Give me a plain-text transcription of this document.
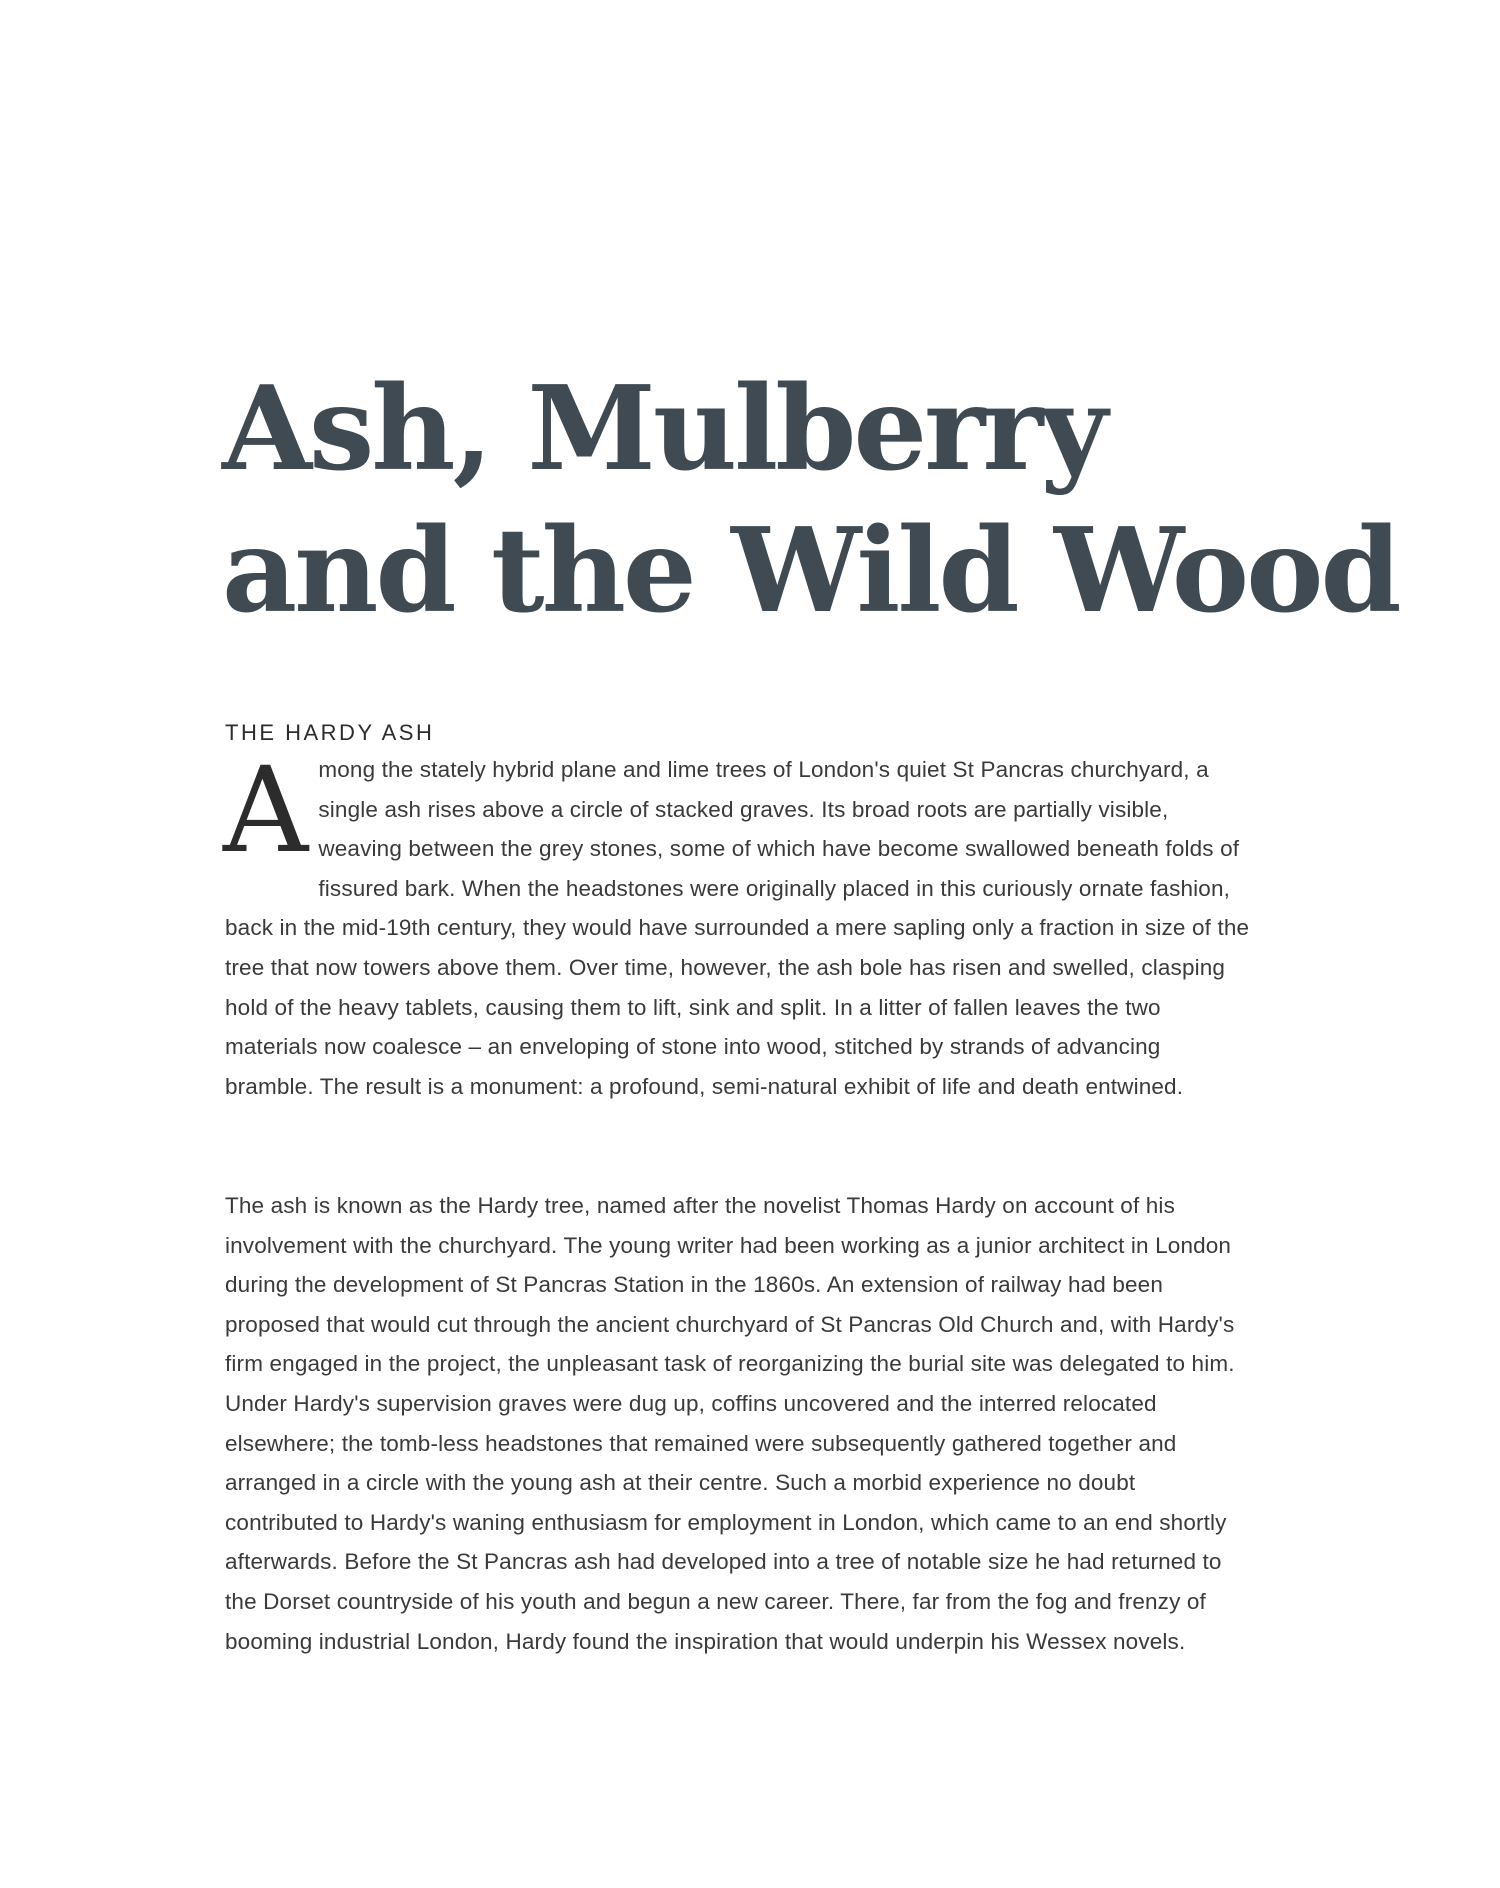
Ash, Mulberry
and the Wild Wood
THE HARDY ASH

A mong the stately hybrid plane and lime trees of London's quiet St Pancras churchyard, a single ash rises above a circle of stacked graves. Its broad roots are partially visible, weaving between the grey stones, some of which have become swallowed beneath folds of fissured bark. When the headstones were originally placed in this curiously ornate fashion, back in the mid-19th century, they would have surrounded a mere sapling only a fraction in size of the tree that now towers above them. Over time, however, the ash bole has risen and swelled, clasping hold of the heavy tablets, causing them to lift, sink and split. In a litter of fallen leaves the two materials now coalesce – an enveloping of stone into wood, stitched by strands of advancing bramble. The result is a monument: a profound, semi-natural exhibit of life and death entwined.

The ash is known as the Hardy tree, named after the novelist Thomas Hardy on account of his involvement with the churchyard. The young writer had been working as a junior architect in London during the development of St Pancras Station in the 1860s. An extension of railway had been proposed that would cut through the ancient churchyard of St Pancras Old Church and, with Hardy's firm engaged in the project, the unpleasant task of reorganizing the burial site was delegated to him. Under Hardy's supervision graves were dug up, coffins uncovered and the interred relocated elsewhere; the tomb-less headstones that remained were subsequently gathered together and arranged in a circle with the young ash at their centre. Such a morbid experience no doubt contributed to Hardy's waning enthusiasm for employment in London, which came to an end shortly afterwards. Before the St Pancras ash had developed into a tree of notable size he had returned to the Dorset countryside of his youth and begun a new career. There, far from the fog and frenzy of booming industrial London, Hardy found the inspiration that would underpin his Wessex novels.
